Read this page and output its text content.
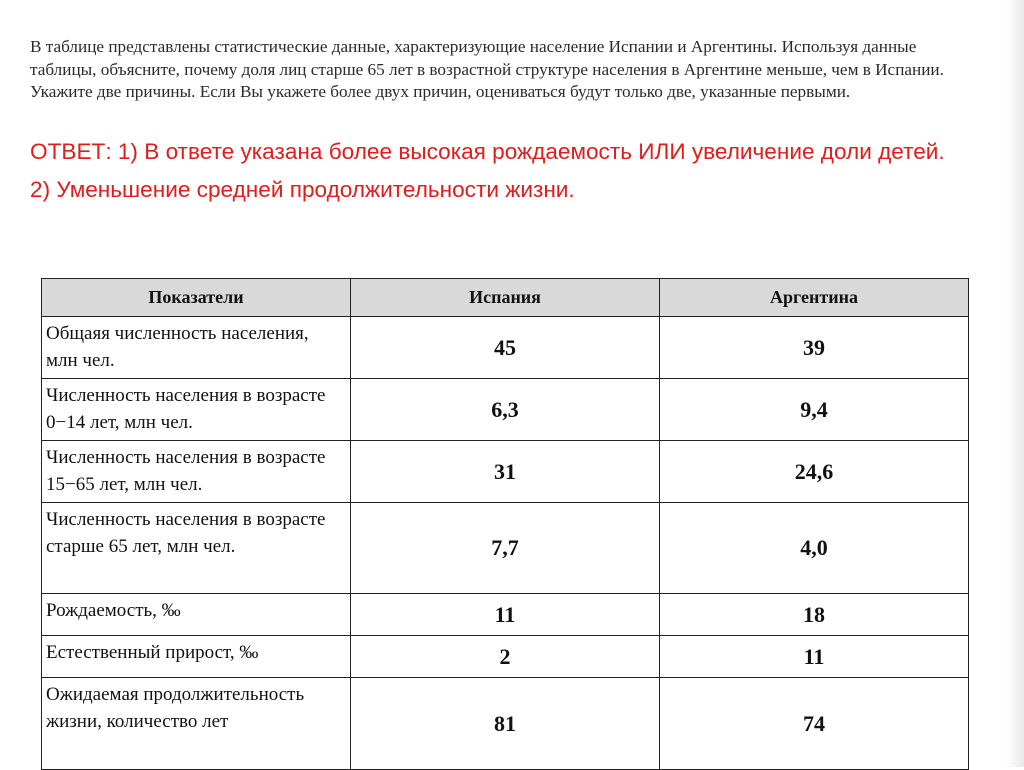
В таблице представлены статистические данные, характеризующие население Испании и Аргентины. Используя данные таблицы, объясните, почему доля лиц старше 65 лет в возрастной структуре населения в Аргентине меньше, чем в Испании. Укажите две причины. Если Вы укажете более двух причин, оцениваться будут только две, указанные первыми.

ОТВЕТ: 1) В ответе указана более высокая рождаемость ИЛИ увеличение доли детей.

2) Уменьшение средней продолжительности жизни.

Показатели	Испания	Аргентина
Общаяя численность населения, млн чел.	45	39
Численность населения в возрасте 0−14 лет, млн чел.	6,3	9,4
Численность населения в возрасте 15−65 лет, млн чел.	31	24,6
Численность населения в возрасте старше 65 лет, млн чел.	7,7	4,0
Рождаемость, ‰	11	18
Естественный прирост, ‰	2	11
Ожидаемая продолжительность жизни, количество лет	81	74
